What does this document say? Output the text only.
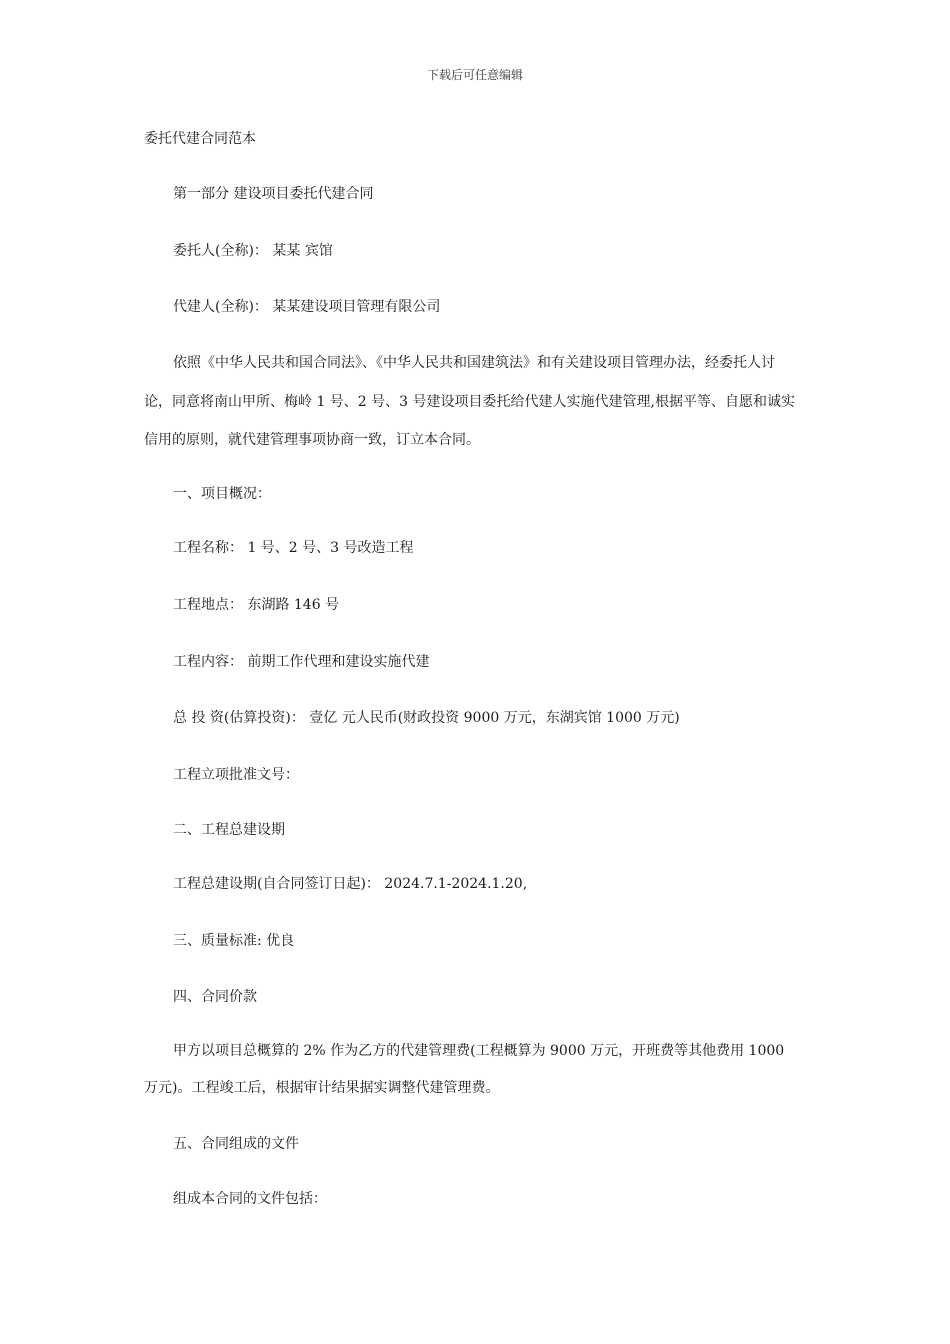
下载后可任意编辑
委托代建合同范本
第一部分 建设项目委托代建合同
委托人(全称)： 某某 宾馆
代建人(全称)： 某某建设项目管理有限公司
依照《中华人民共和国合同法》、《中华人民共和国建筑法》和有关建设项目管理办法，经委托人讨
论，同意将南山甲所、梅岭 1 号、2 号、3 号建设项目委托给代建人实施代建管理,根据平等、自愿和诚实
信用的原则，就代建管理事项协商一致，订立本合同。
一、项目概况：
工程名称： 1 号、2 号、3 号改造工程
工程地点： 东湖路 146 号
工程内容： 前期工作代理和建设实施代建
总 投 资(估算投资)： 壹亿 元人民币(财政投资 9000 万元，东湖宾馆 1000 万元)
工程立项批准文号：
二、工程总建设期
工程总建设期(自合同签订日起)： 2024.7.1-2024.1.20,
三、质量标准: 优良
四、合同价款
甲方以项目总概算的 2% 作为乙方的代建管理费(工程概算为 9000 万元，开班费等其他费用 1000
万元)。工程竣工后，根据审计结果据实调整代建管理费。
五、合同组成的文件
组成本合同的文件包括：
